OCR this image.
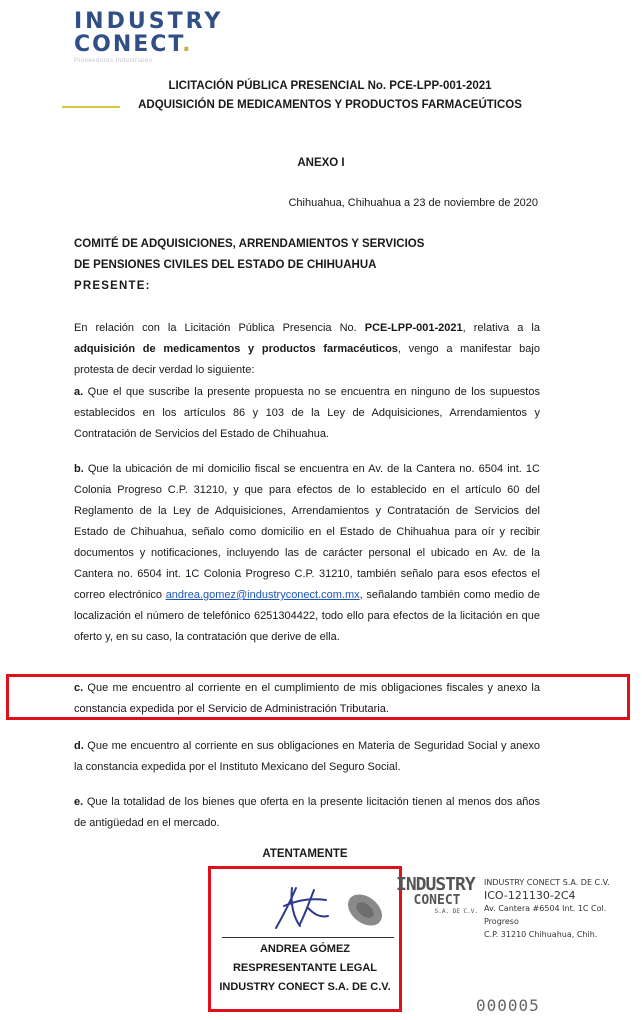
INDUSTRY
CONECT.
Proveedores Industriales
LICITACIÓN PÚBLICA PRESENCIAL No. PCE-LPP-001-2021
ADQUISICIÓN DE MEDICAMENTOS Y PRODUCTOS FARMACEÚTICOS
ANEXO I
Chihuahua, Chihuahua a 23 de noviembre de 2020
COMITÉ DE ADQUISICIONES, ARRENDAMIENTOS Y SERVICIOS
DE PENSIONES CIVILES DEL ESTADO DE CHIHUAHUA
PRESENTE:

En relación con la Licitación Pública Presencia No. PCE-LPP-001-2021, relativa a la adquisición de medicamentos y productos farmacéuticos, vengo a manifestar bajo protesta de decir verdad lo siguiente:

a. Que el que suscribe la presente propuesta no se encuentra en ninguno de los supuestos establecidos en los artículos 86 y 103 de la Ley de Adquisiciones, Arrendamientos y Contratación de Servicios del Estado de Chihuahua.

b. Que la ubicación de mi domicilio fiscal se encuentra en Av. de la Cantera no. 6504 int. 1C Colonia Progreso C.P. 31210, y que para efectos de lo establecido en el artículo 60 del Reglamento de la Ley de Adquisiciones, Arrendamientos y Contratación de Servicios del Estado de Chihuahua, señalo como domicilio en el Estado de Chihuahua para oír y recibir documentos y notificaciones, incluyendo las de carácter personal el ubicado en Av. de la Cantera no. 6504 int. 1C Colonia Progreso C.P. 31210, también señalo para esos efectos el correo electrónico andrea.gomez@industryconect.com.mx, señalando también como medio de localización el número de telefónico 6251304422, todo ello para efectos de la licitación en que oferto y, en su caso, la contratación que derive de ella.

c. Que me encuentro al corriente en el cumplimiento de mis obligaciones fiscales y anexo la constancia expedida por el Servicio de Administración Tributaria.

d. Que me encuentro al corriente en sus obligaciones en Materia de Seguridad Social y anexo la constancia expedida por el Instituto Mexicano del Seguro Social.

e. Que la totalidad de los bienes que oferta en la presente licitación tienen al menos dos años de antigüedad en el mercado.

ATENTAMENTE
ANDREA GÓMEZ
RESPRESENTANTE LEGAL
INDUSTRY CONECT S.A. DE C.V.
INDUSTRY
CONECT
S.A. DE C.V.
INDUSTRY CONECT S.A. DE C.V.
ICO-121130-2C4
Av. Cantera #6504 Int. 1C Col. Progreso
C.P. 31210 Chihuahua, Chih.
000005
